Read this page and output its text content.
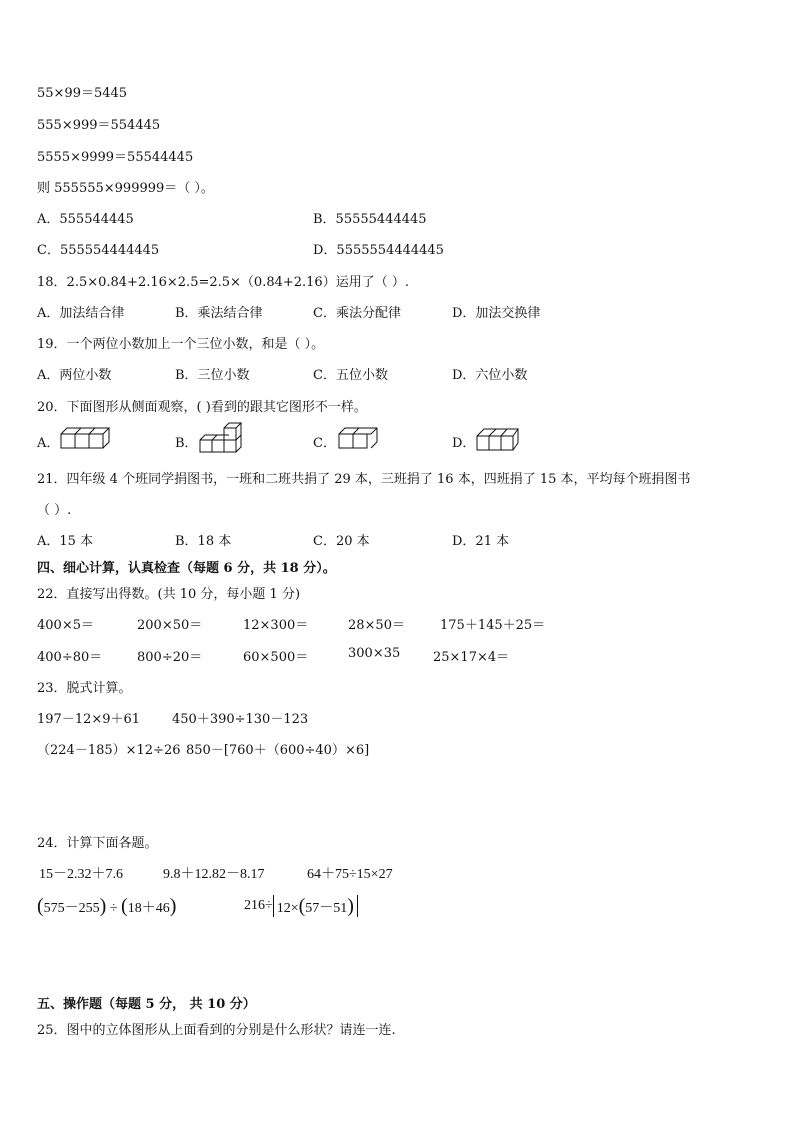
55×99＝5445
555×999＝554445
5555×9999＝55544445
则 555555×999999＝（ ）。
A．555544445	B．55555444445
C．555554444445	D．5555554444445
18．2.5×0.84+2.16×2.5=2.5×（0.84+2.16）运用了（ ）.
A．加法结合律	B．乘法结合律	C．乘法分配律	D．加法交换律
19．一个两位小数加上一个三位小数，和是（ ）。
A．两位小数	B．三位小数	C．五位小数	D．六位小数
20．下面图形从侧面观察，( )看到的跟其它图形不一样。
A．	B．	C．	D．
21．四年级 4 个班同学捐图书，一班和二班共捐了 29 本，三班捐了 16 本，四班捐了 15 本，平均每个班捐图书
（ ）.
A．15 本	B．18 本	C．20 本	D．21 本
四、细心计算，认真检查（每题 6 分，共 18 分）。
22．直接写出得数。(共 10 分，每小题 1 分)
400×5＝	200×50＝	12×300＝	28×50＝	175＋145＋25＝
400÷80＝	800÷20＝	60×500＝	300×35	25×17×4＝
23．脱式计算。
197－12×9＋61 450＋390÷130－123
（224－185）×12÷26 850－[760＋（600÷40）×6]
24．计算下面各题。
15－2.32＋7.6	9.8＋12.82－8.17	64＋75÷15×27
(575－255) ÷ (18＋46)	216÷ 12×(57－51)
五、操作题（每题 5 分， 共 10 分）
25．图中的立体图形从上面看到的分别是什么形状？请连一连.
